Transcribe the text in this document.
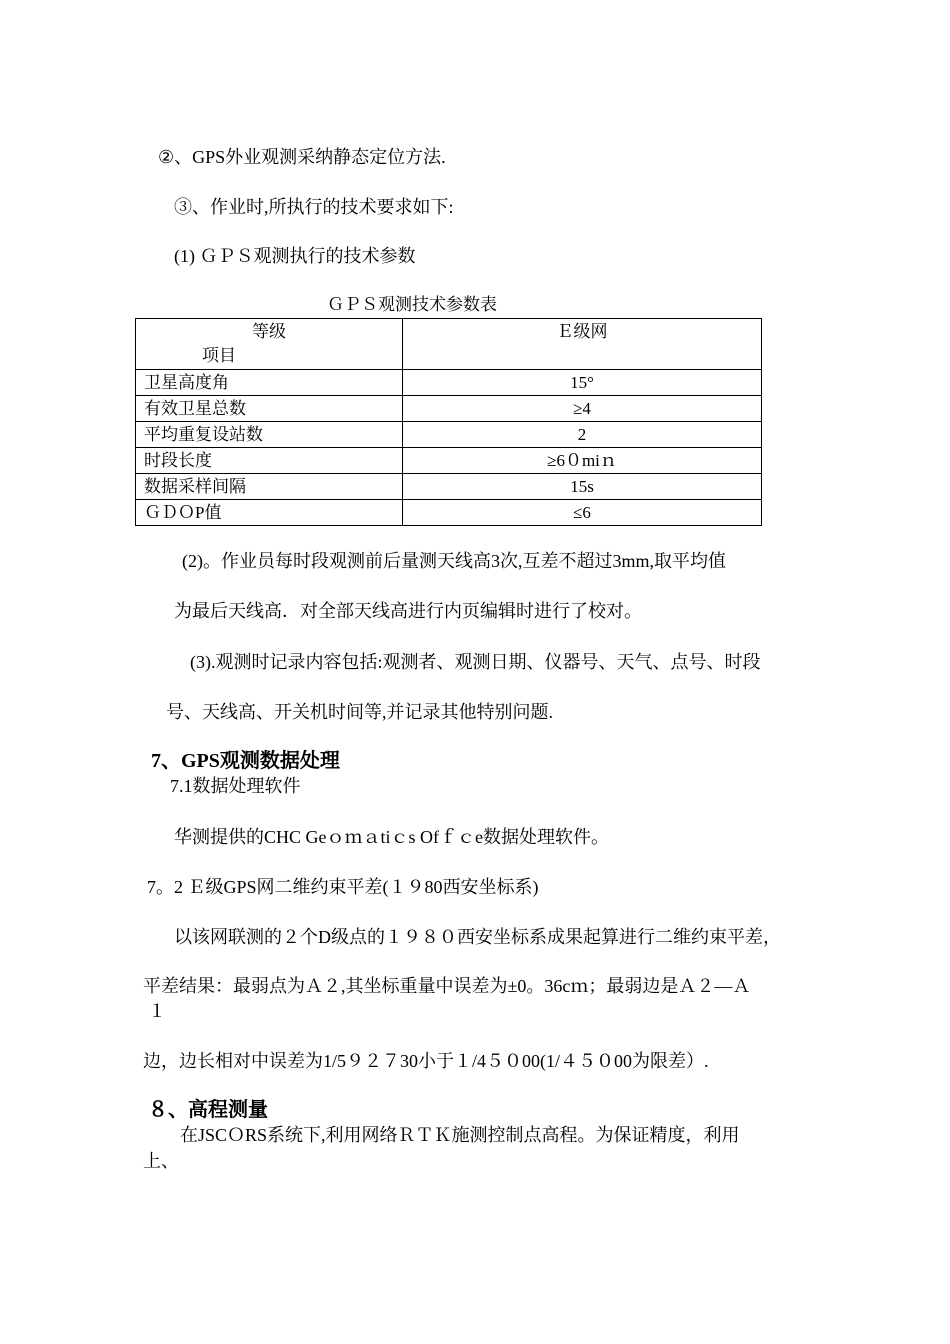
②、GPS外业观测采纳静态定位方法.
③、作业时,所执行的技术要求如下:
(1) ＧＰＳ观测执行的技术参数
ＧＰＳ观测技术参数表
等级
项目	Ｅ级网
卫星高度角	15°
有效卫星总数	≥4
平均重复设站数	2
时段长度	≥6０miｎ
数据采样间隔	15s
ＧＤＯP值	≤6
(2)。作业员每时段观测前后量测天线高3次,互差不超过3mm,取平均值
为最后天线高．对全部天线高进行内页编辑时进行了校对。
(3).观测时记录内容包括:观测者、观测日期、仪器号、天气、点号、时段
号、天线高、开关机时间等,并记录其他特别问题.
7、GPS观测数据处理
7.1数据处理软件
华测提供的CHC Geｏｍａtiｃs Ofｆｃe数据处理软件。
7。2 Ｅ级GPS网二维约束平差(１９80西安坐标系)
以该网联测的２个D级点的１９８０西安坐标系成果起算进行二维约束平差，
平差结果：最弱点为Ａ２,其坐标重量中误差为±0。36cｍ；最弱边是Ａ２—Ａ
１
边，边长相对中误差为1/5９２７30小于１/4５０00(1/４５０00为限差）.
８、高程测量
在JSCＯRS系统下,利用网络ＲＴＫ施测控制点高程。为保证精度，利用
上、
